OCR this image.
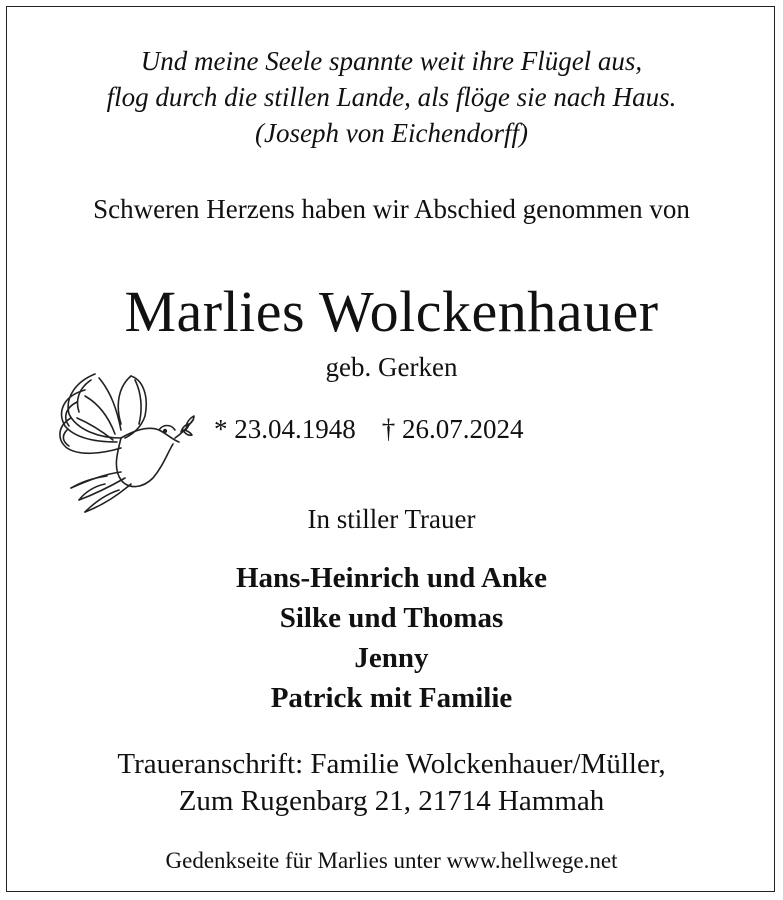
Und meine Seele spannte weit ihre Flügel aus,

flog durch die stillen Lande, als flöge sie nach Haus.

(Joseph von Eichendorff)

Schweren Herzens haben wir Abschied genommen von

Marlies Wolckenhauer

geb. Gerken

* 23.04.1948 † 26.07.2024

In stiller Trauer

Hans-Heinrich und Anke

Silke und Thomas

Jenny

Patrick mit Familie

Traueranschrift: Familie Wolckenhauer/Müller,

Zum Rugenbarg 21, 21714 Hammah

Gedenkseite für Marlies unter www.hellwege.net
